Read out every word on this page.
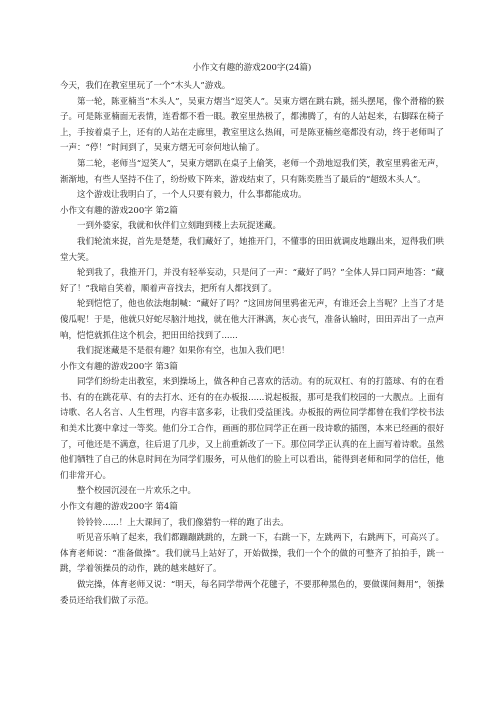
小作文有趣的游戏200字(24篇)

今天，我们在教室里玩了一个“木头人”游戏。

第一轮，陈亚楠当“木头人”，吴東方熠当“逗笑人”。吴東方熠在跳右跳，摇头摆尾，像个滑稽的猴子。可是陈亚楠面无表情，连看都不看一眼。教室里热极了，都沸腾了，有的人站起来，右脚踩在椅子上，手按着桌子上，还有的人站在走廊里，教室里这么热闹，可是陈亚楠丝毫都没有动，终于老师叫了一声：“停！”时间到了，吴東方熠无可奈何地认输了。

第二轮，老师当“逗笑人”，吴東方熠趴在桌子上偷笑，老师一个劲地逗我们笑，教室里鸦雀无声，渐渐地，有些人坚持不住了，纷纷败下阵来，游戏结束了，只有陈奕胜当了最后的“超级木头人”。

这个游戏让我明白了，一个人只要有毅力，什么事都能成功。

小作文有趣的游戏200字 第2篇

一到外婆家，我就和伙伴们立刻跑到楼上去玩捉迷藏。

我们轮流来捉，首先是楚楚，我们藏好了，她推开门，不懂事的田田就调皮地蹦出来，逗得我们哄堂大笑。

轮到我了，我推开门，并没有轻举妄动，只是问了一声：“藏好了吗？”全体人异口同声地答：“藏好了！”我暗自笑着，顺着声音找去，把所有人都找到了。

轮到恺恺了，他也依法炮制喊：“藏好了吗？”这回房间里鸦雀无声，有谁还会上当呢？上当了才是傻瓜呢！于是，他就只好蛇尽脑汁地找，就在他大汗淋漓，灰心丧气，准备认输时，田田弄出了一点声响，恺恺就抓住这个机会，把田田给找到了......

我们捉迷藏是不是很有趣？如果你有空，也加入我们吧！

小作文有趣的游戏200字 第3篇

同学们纷纷走出教室，来到操场上，做各种自己喜欢的活动。有的玩双杠、有的打篮球、有的在看书、有的在跳花草、有的去打水、还有的在办板报......说起板报，那可是我们校园的一大靓点。上面有诗歌、名人名言、人生哲理，内容丰富多彩，让我们受益匪浅。办板报的两位同学都曾在我们学校书法和美术比赛中拿过一等奖。他们分工合作，画画的那位同学正在画一段诗歌的插图，本来已经画的很好了，可他还是不满意，往后退了几步，又上前重新改了一下。那位同学正认真的在上面写着诗歌。虽然他们牺牲了自己的休息时间在为同学们服务，可从他们的脸上可以看出，能得到老师和同学的信任，他们非常开心。

整个校园沉浸在一片欢乐之中。

小作文有趣的游戏200字 第4篇

铃铃铃......！上大课间了，我们像猎豹一样的跑了出去。

听见音乐响了起来，我们都蹦蹦跳跳的，左跳一下，右跳一下，左跳两下，右跳两下，可高兴了。体育老师说：“准备做操”。我们就马上站好了，开始做操，我们一个个的做的可整齐了拍拍手，跳一跳，学着领操员的动作，跳的越来越好了。

做完操，体育老师又说：“明天，每名同学带两个花毽子，不要那种黑色的，要做课间舞用”，领操委员还给我们做了示范。
